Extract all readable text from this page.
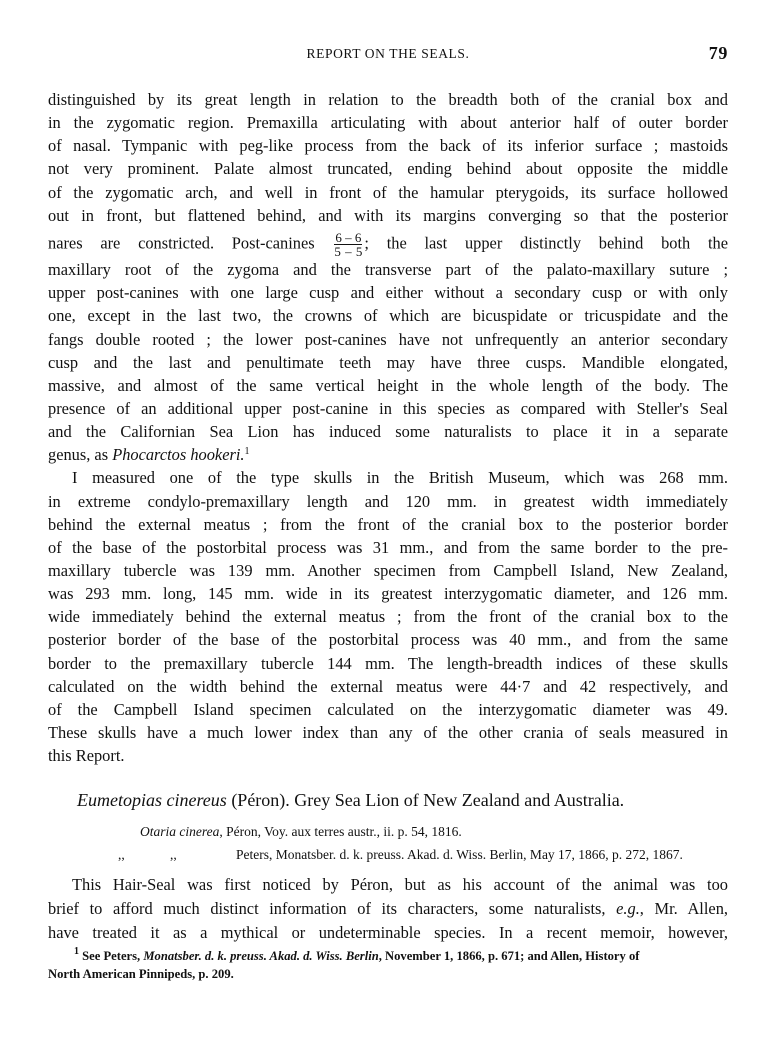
REPORT ON THE SEALS.	79
distinguished by its great length in relation to the breadth both of the cranial box and
in the zygomatic region. Premaxilla articulating with about anterior half of outer border
of nasal. Tympanic with peg-like process from the back of its inferior surface ; mastoids
not very prominent. Palate almost truncated, ending behind about opposite the middle
of the zygomatic arch, and well in front of the hamular pterygoids, its surface hollowed
out in front, but flattened behind, and with its margins converging so that the posterior
nares are constricted. Post-canines $\frac{6 - 6}{5 - 5}$ ; the last upper distinctly behind both the
maxillary root of the zygoma and the transverse part of the palato-maxillary suture ;
upper post-canines with one large cusp and either without a secondary cusp or with only
one, except in the last two, the crowns of which are bicuspidate or tricuspidate and the
fangs double rooted ; the lower post-canines have not unfrequently an anterior secondary
cusp and the last and penultimate teeth may have three cusps. Mandible elongated,
massive, and almost of the same vertical height in the whole length of the body. The
presence of an additional upper post-canine in this species as compared with Steller's Seal
and the Californian Sea Lion has induced some naturalists to place it in a separate
genus, as Phocarctos hookeri.$^1$
I measured one of the type skulls in the British Museum, which was 268 mm.
in extreme condylo-premaxillary length and 120 mm. in greatest width immediately
behind the external meatus ; from the front of the cranial box to the posterior border
of the base of the postorbital process was 31 mm., and from the same border to the pre-
maxillary tubercle was 139 mm. Another specimen from Campbell Island, New Zealand,
was 293 mm. long, 145 mm. wide in its greatest interzygomatic diameter, and 126 mm.
wide immediately behind the external meatus ; from the front of the cranial box to the
posterior border of the base of the postorbital process was 40 mm., and from the same
border to the premaxillary tubercle 144 mm. The length-breadth indices of these skulls
calculated on the width behind the external meatus were 44·7 and 42 respectively, and
of the Campbell Island specimen calculated on the interzygomatic diameter was 49.
These skulls have a much lower index than any of the other crania of seals measured in
this Report.
Eumetopias cinereus (Péron). Grey Sea Lion of New Zealand and Australia.
Otaria cinerea, Péron, Voy. aux terres austr., ii. p. 54, 1816.
,,	,,	Peters, Monatsber. d. k. preuss. Akad. d. Wiss. Berlin, May 17, 1866, p. 272, 1867.
This Hair-Seal was first noticed by Péron, but as his account of the animal was too
brief to afford much distinct information of its characters, some naturalists, e.g., Mr. Allen,
have treated it as a mythical or undeterminable species. In a recent memoir, however,
$^1$ See Peters, Monatsber. d. k. preuss. Akad. d. Wiss. Berlin, November 1, 1866, p. 671; and Allen, History of
North American Pinnipeds, p. 209.
